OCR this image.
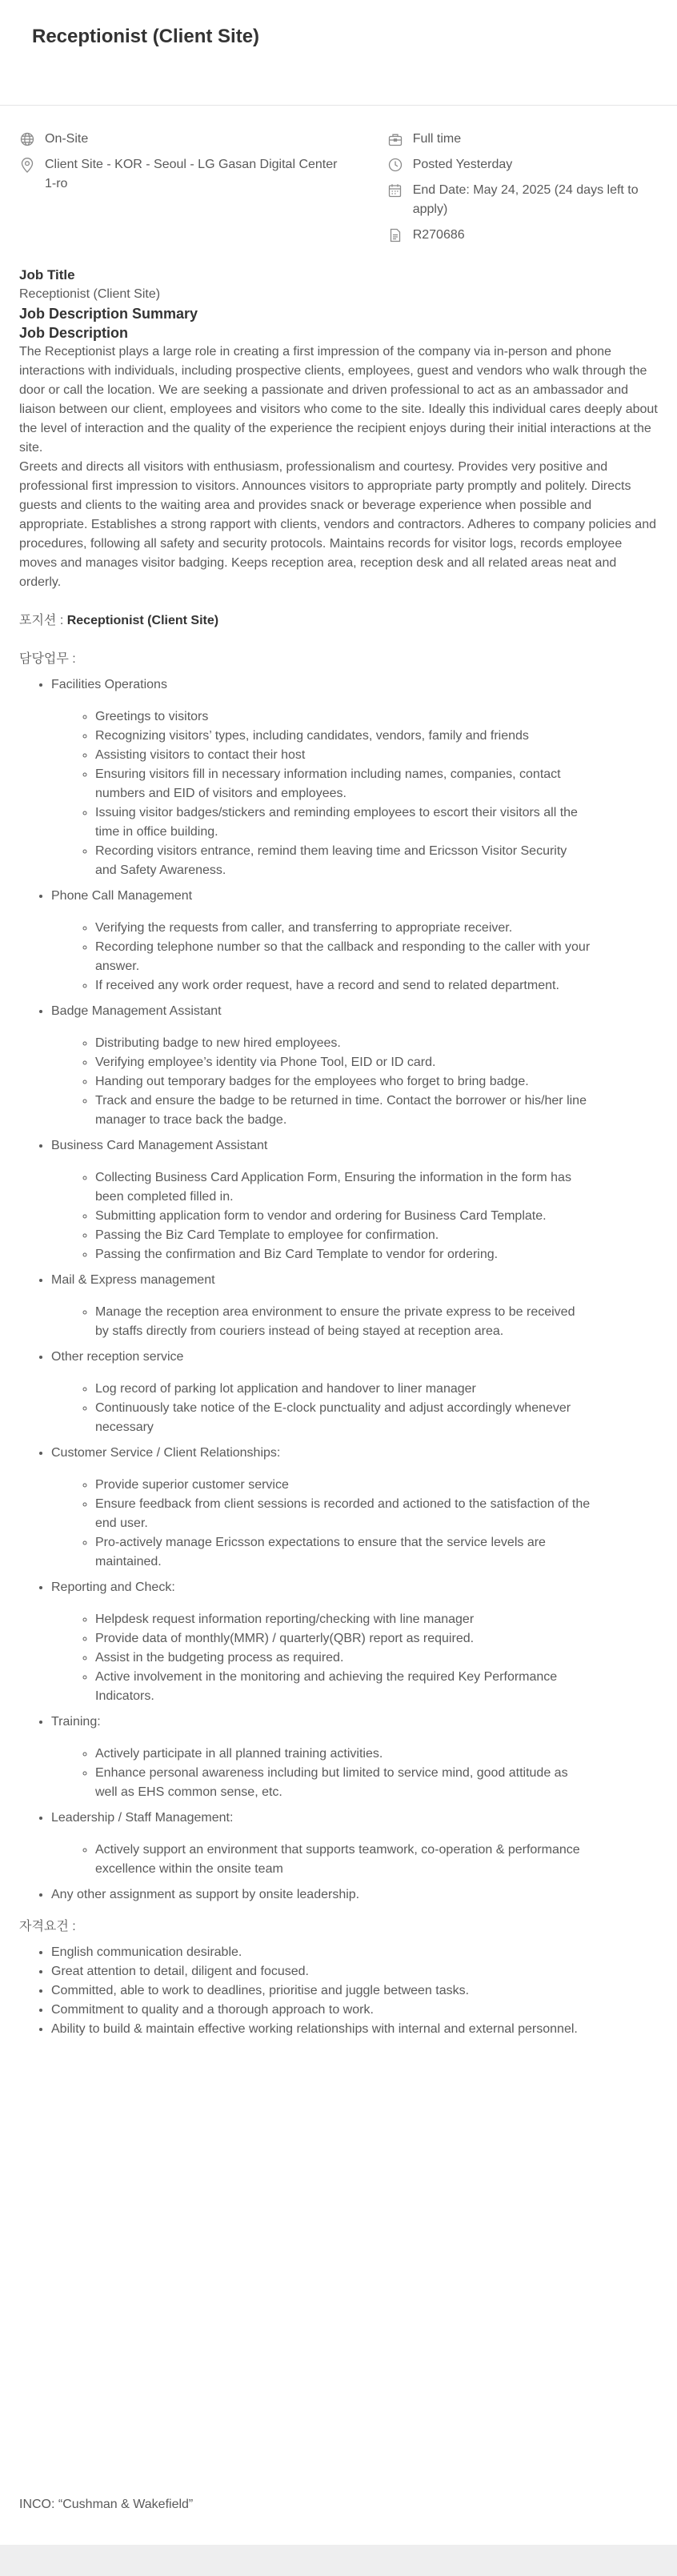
Receptionist (Client Site)
On-Site
Client Site - KOR - Seoul - LG Gasan Digital Center 1-ro
Full time
Posted Yesterday
End Date: May 24, 2025 (24 days left to apply)
R270686
Job Title

Receptionist (Client Site)

Job Description Summary
Job Description

The Receptionist plays a large role in creating a first impression of the company via in-person and phone interactions with individuals, including prospective clients, employees, guest and vendors who walk through the door or call the location. We are seeking a passionate and driven professional to act as an ambassador and liaison between our client, employees and visitors who come to the site. Ideally this individual cares deeply about the level of interaction and the quality of the experience the recipient enjoys during their initial interactions at the site.

Greets and directs all visitors with enthusiasm, professionalism and courtesy. Provides very positive and professional first impression to visitors. Announces visitors to appropriate party promptly and politely. Directs guests and clients to the waiting area and provides snack or beverage experience when possible and appropriate. Establishes a strong rapport with clients, vendors and contractors. Adheres to company policies and procedures, following all safety and security protocols. Maintains records for visitor logs, records employee moves and manages visitor badging. Keeps reception area, reception desk and all related areas neat and orderly.

포지션 : Receptionist (Client Site)

담당업무 :

• Facilities Operations
◦ Greetings to visitors
◦ Recognizing visitors’ types, including candidates, vendors, family and friends
◦ Assisting visitors to contact their host
◦ Ensuring visitors fill in necessary information including names, companies, contact numbers and EID of visitors and employees.
◦ Issuing visitor badges/stickers and reminding employees to escort their visitors all the time in office building.
◦ Recording visitors entrance, remind them leaving time and Ericsson Visitor Security and Safety Awareness.
• Phone Call Management
◦ Verifying the requests from caller, and transferring to appropriate receiver.
◦ Recording telephone number so that the callback and responding to the caller with your answer.
◦ If received any work order request, have a record and send to related department.
• Badge Management Assistant
◦ Distributing badge to new hired employees.
◦ Verifying employee’s identity via Phone Tool, EID or ID card.
◦ Handing out temporary badges for the employees who forget to bring badge.
◦ Track and ensure the badge to be returned in time. Contact the borrower or his/her line manager to trace back the badge.
• Business Card Management Assistant
◦ Collecting Business Card Application Form, Ensuring the information in the form has been completed filled in.
◦ Submitting application form to vendor and ordering for Business Card Template.
◦ Passing the Biz Card Template to employee for confirmation.
◦ Passing the confirmation and Biz Card Template to vendor for ordering.
• Mail & Express management
◦ Manage the reception area environment to ensure the private express to be received by staffs directly from couriers instead of being stayed at reception area.
• Other reception service
◦ Log record of parking lot application and handover to liner manager
◦ Continuously take notice of the E-clock punctuality and adjust accordingly whenever necessary
• Customer Service / Client Relationships:
◦ Provide superior customer service
◦ Ensure feedback from client sessions is recorded and actioned to the satisfaction of the end user.
◦ Pro-actively manage Ericsson expectations to ensure that the service levels are maintained.
• Reporting and Check:
◦ Helpdesk request information reporting/checking with line manager
◦ Provide data of monthly(MMR) / quarterly(QBR) report as required.
◦ Assist in the budgeting process as required.
◦ Active involvement in the monitoring and achieving the required Key Performance Indicators.
• Training:
◦ Actively participate in all planned training activities.
◦ Enhance personal awareness including but limited to service mind, good attitude as well as EHS common sense, etc.
• Leadership / Staff Management:
◦ Actively support an environment that supports teamwork, co-operation & performance excellence within the onsite team
• Any other assignment as support by onsite leadership.

자격요건 :

• English communication desirable.
• Great attention to detail, diligent and focused.
• Committed, able to work to deadlines, prioritise and juggle between tasks.
• Commitment to quality and a thorough approach to work.
• Ability to build & maintain effective working relationships with internal and external personnel.

INCO: “Cushman & Wakefield”
